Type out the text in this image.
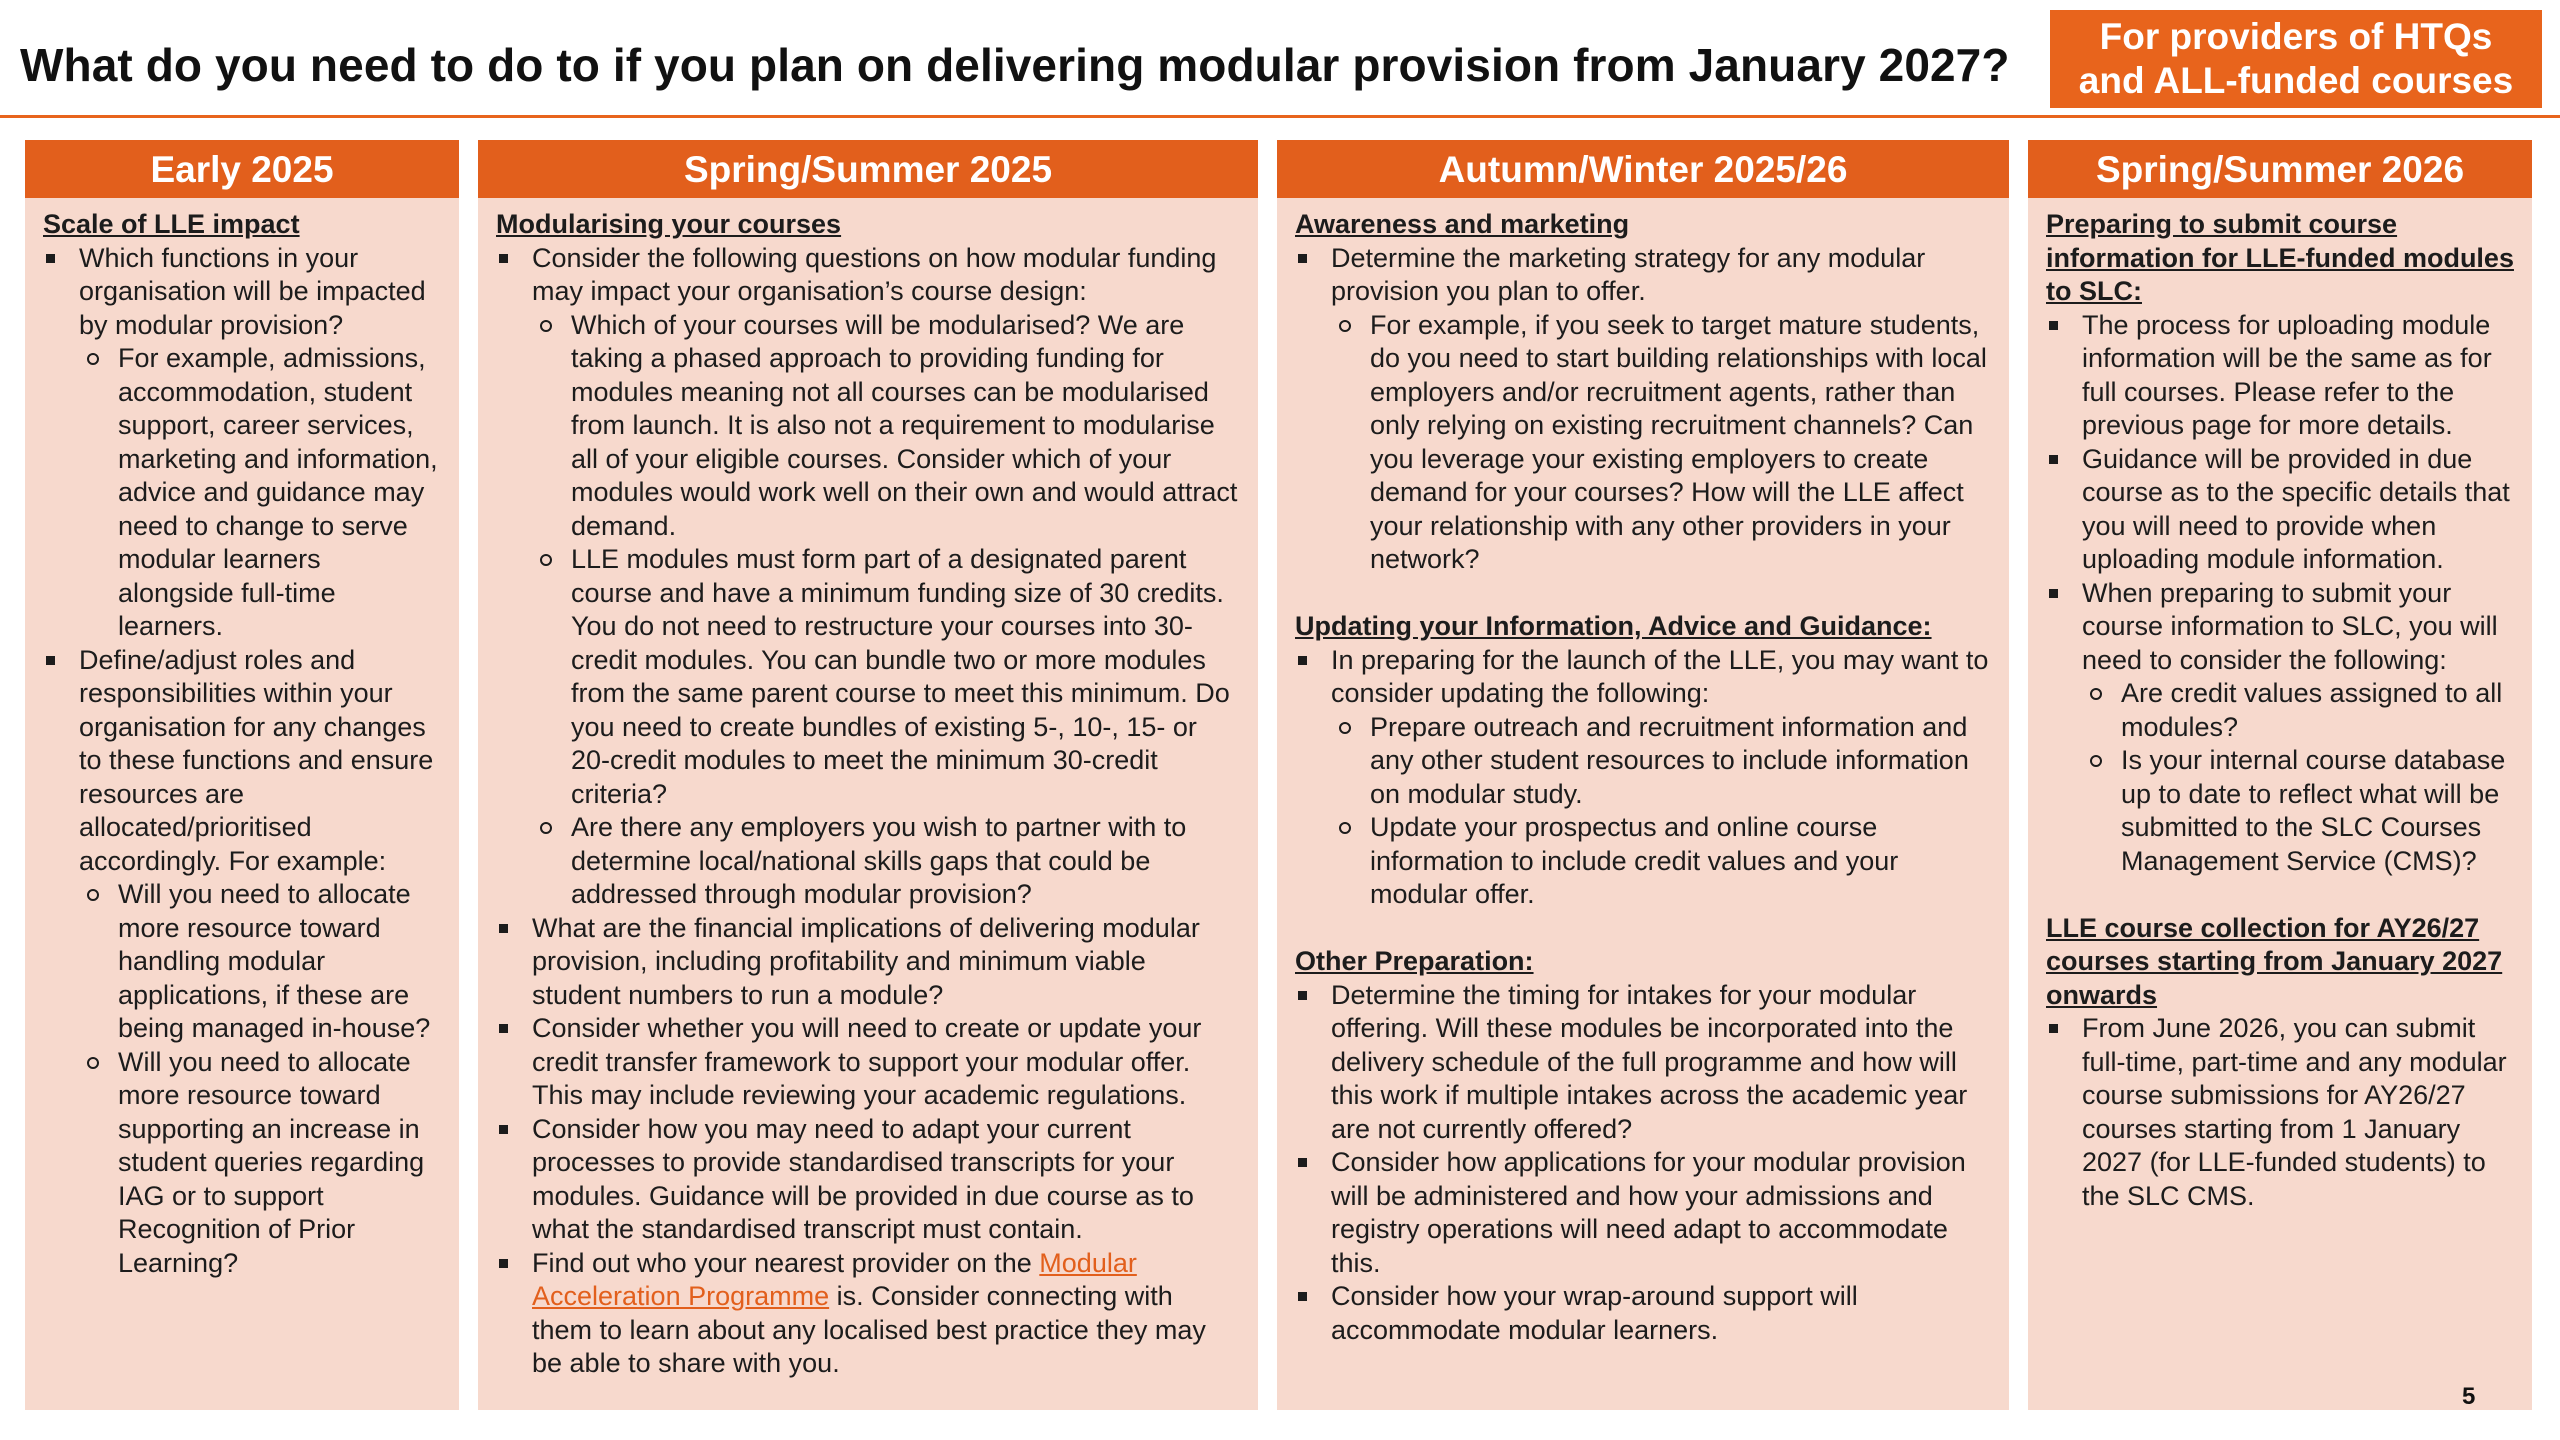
What do you need to do to if you plan on delivering modular provision from January 2027?
For providers of HTQs
and ALL-funded courses
Early 2025

Scale of LLE impact

Which functions in your organisation will be impacted by modular provision?
For example, admissions, accommodation, student support, career services, marketing and information, advice and guidance may need to change to serve modular learners alongside full-time learners.
Define/adjust roles and responsibilities within your organisation for any changes to these functions and ensure resources are allocated/prioritised accordingly. For example:
Will you need to allocate more resource toward handling modular applications, if these are being managed in-house?
Will you need to allocate more resource toward supporting an increase in student queries regarding IAG or to support Recognition of Prior Learning?
Spring/Summer 2025

Modularising your courses

Consider the following questions on how modular funding may impact your organisation’s course design:
Which of your courses will be modularised? We are taking a phased approach to providing funding for modules meaning not all courses can be modularised from launch. It is also not a requirement to modularise all of your eligible courses. Consider which of your modules would work well on their own and would attract demand.
LLE modules must form part of a designated parent course and have a minimum funding size of 30 credits. You do not need to restructure your courses into 30-credit modules. You can bundle two or more modules from the same parent course to meet this minimum. Do you need to create bundles of existing 5-, 10-, 15- or 20-credit modules to meet the minimum 30-credit criteria?
Are there any employers you wish to partner with to determine local/national skills gaps that could be addressed through modular provision?
What are the financial implications of delivering modular provision, including profitability and minimum viable student numbers to run a module?
Consider whether you will need to create or update your credit transfer framework to support your modular offer. This may include reviewing your academic regulations.
Consider how you may need to adapt your current processes to provide standardised transcripts for your modules. Guidance will be provided in due course as to what the standardised transcript must contain.
Find out who your nearest provider on the Modular Acceleration Programme is. Consider connecting with them to learn about any localised best practice they may be able to share with you.
Autumn/Winter 2025/26

Awareness and marketing

Determine the marketing strategy for any modular provision you plan to offer.
For example, if you seek to target mature students, do you need to start building relationships with local employers and/or recruitment agents, rather than only relying on existing recruitment channels? Can you leverage your existing employers to create demand for your courses? How will the LLE affect your relationship with any other providers in your network?

Updating your Information, Advice and Guidance:

In preparing for the launch of the LLE, you may want to consider updating the following:
Prepare outreach and recruitment information and any other student resources to include information on modular study.
Update your prospectus and online course information to include credit values and your modular offer.

Other Preparation:

Determine the timing for intakes for your modular offering. Will these modules be incorporated into the delivery schedule of the full programme and how will this work if multiple intakes across the academic year are not currently offered?
Consider how applications for your modular provision will be administered and how your admissions and registry operations will need adapt to accommodate this.
Consider how your wrap-around support will accommodate modular learners.
Spring/Summer 2026

Preparing to submit course information for LLE-funded modules to SLC:

The process for uploading module information will be the same as for full courses. Please refer to the previous page for more details.
Guidance will be provided in due course as to the specific details that you will need to provide when uploading module information.
When preparing to submit your course information to SLC, you will need to consider the following:
Are credit values assigned to all modules?
Is your internal course database up to date to reflect what will be submitted to the SLC Courses Management Service (CMS)?

LLE course collection for AY26/27 courses starting from January 2027 onwards

From June 2026, you can submit full-time, part-time and any modular course submissions for AY26/27 courses starting from 1 January 2027 (for LLE-funded students) to the SLC CMS.
5
